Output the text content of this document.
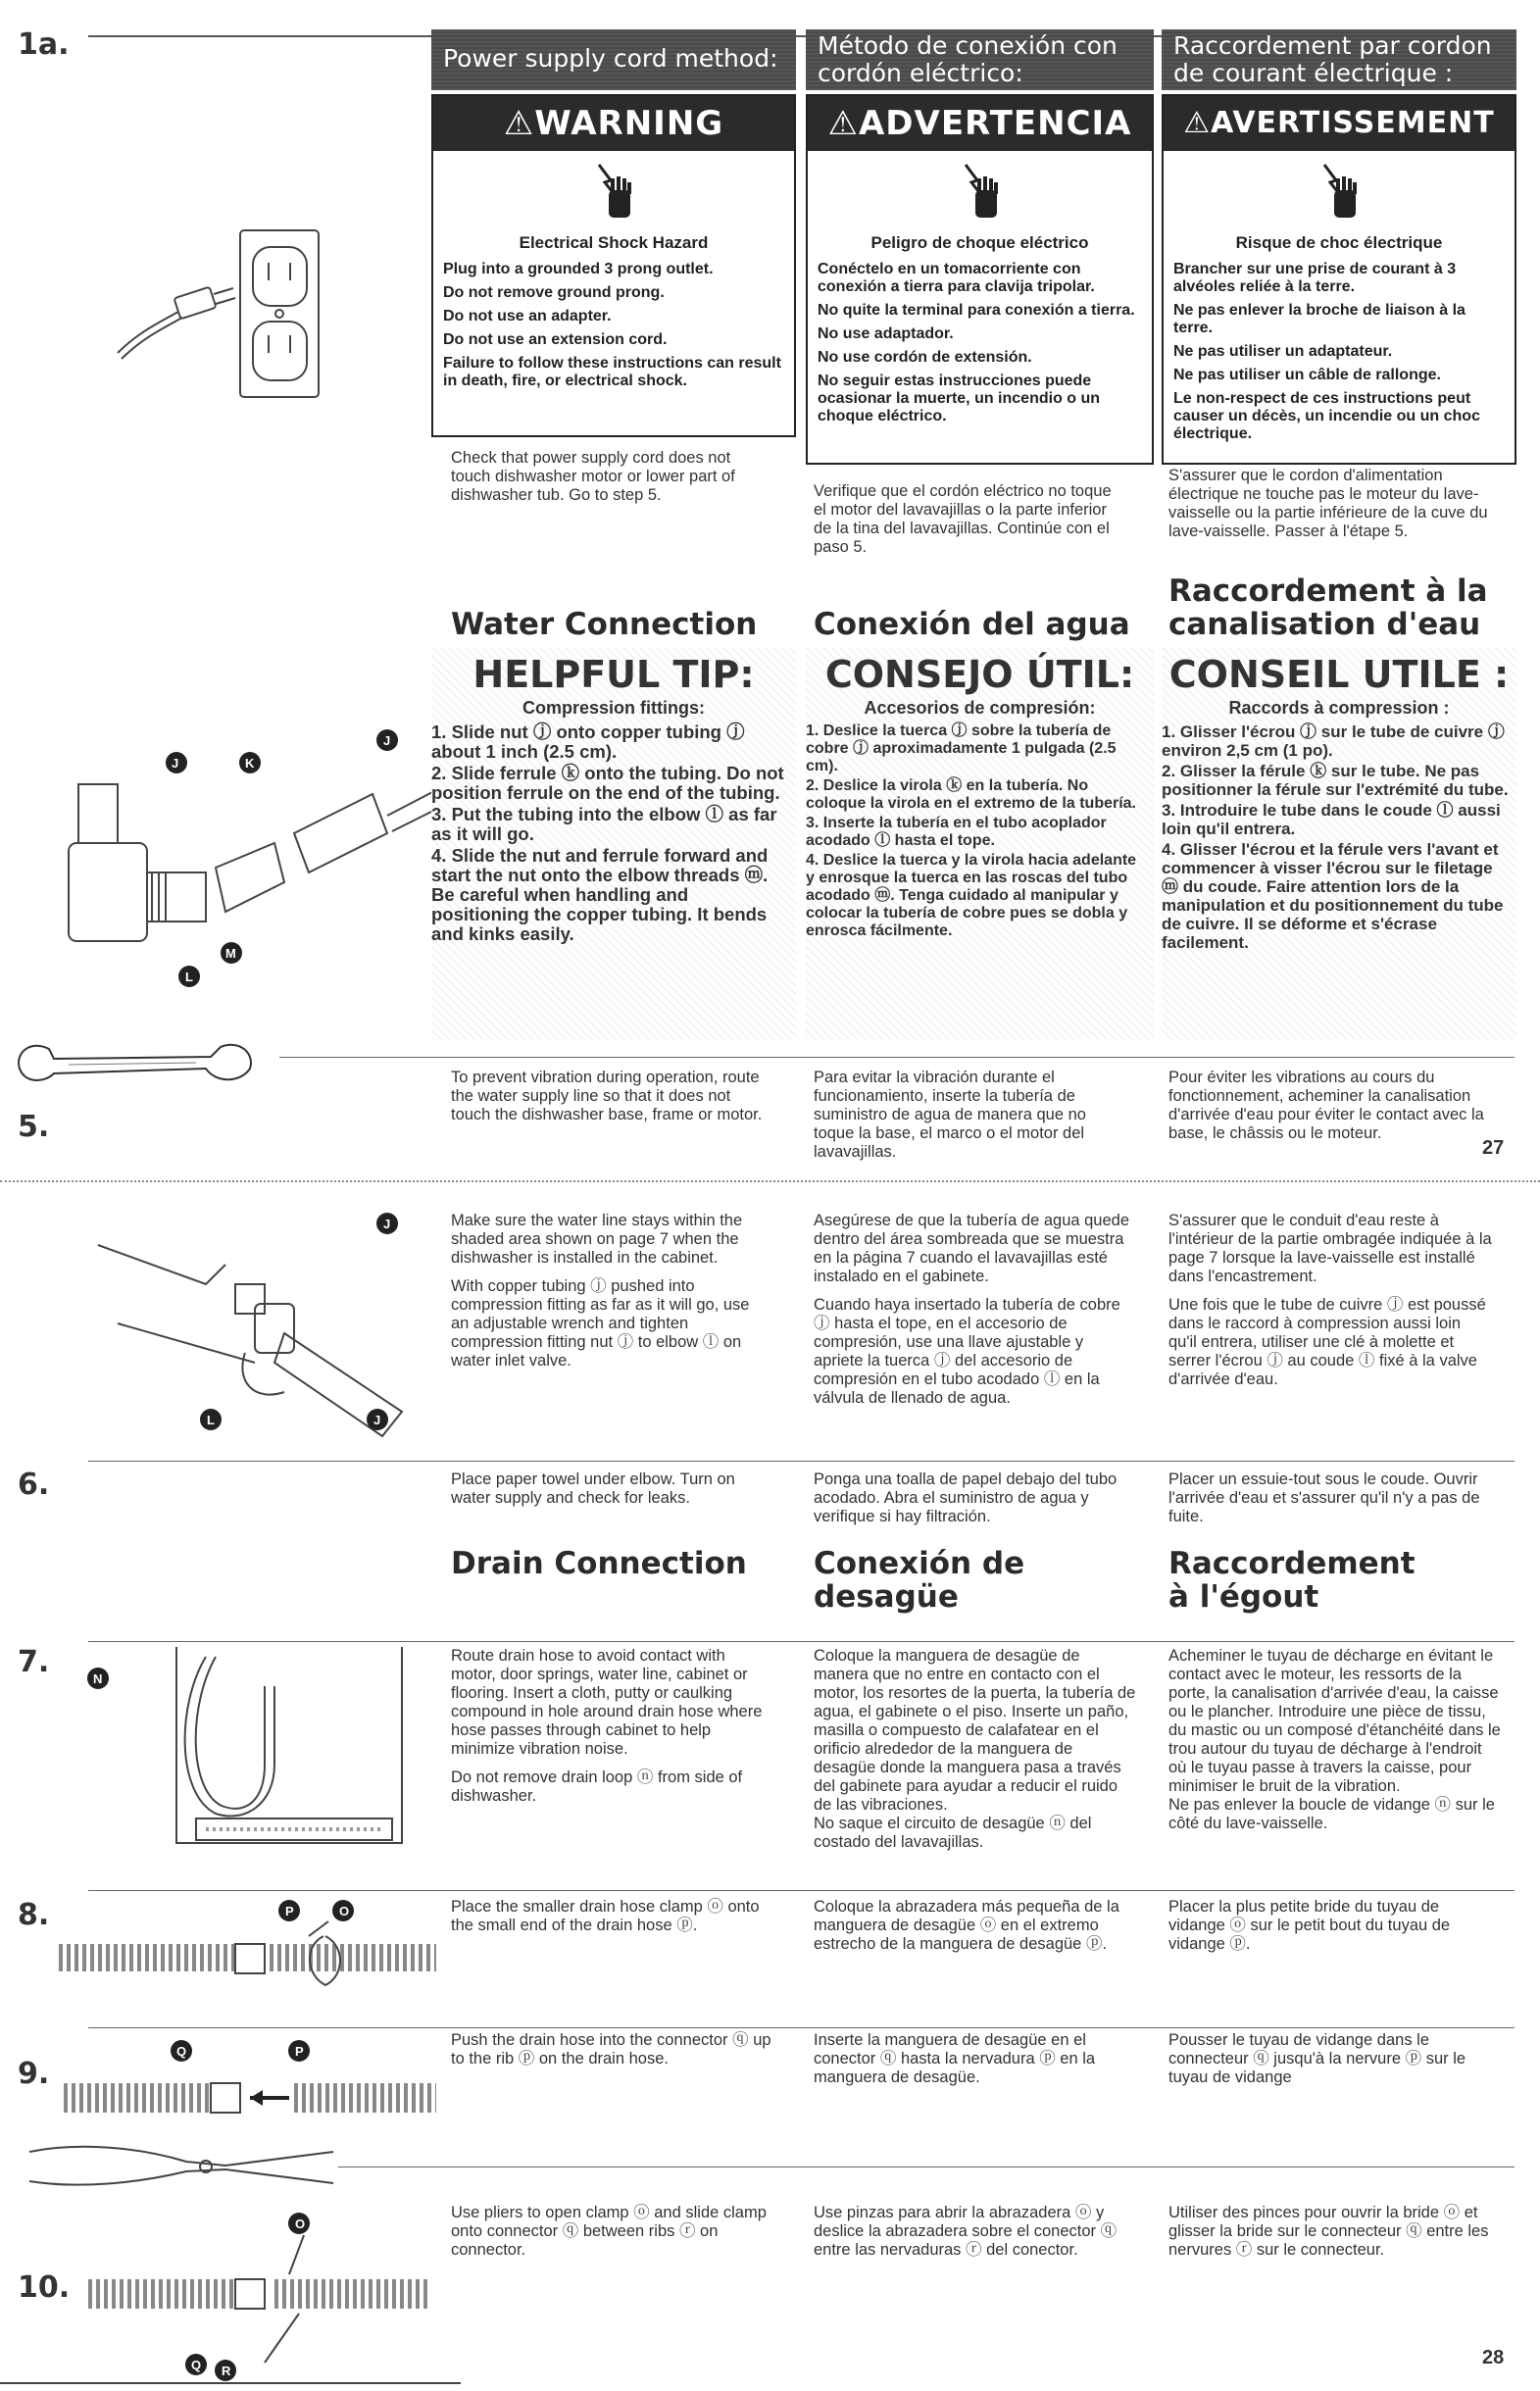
1a.
5.
6.
7.
8.
9.
10.
Power supply cord method:	Método de conexión con cordón eléctrico:
Raccordement par cordon de courant électrique :
⚠WARNING
Electrical Shock Hazard
Plug into a grounded 3 prong outlet.
Do not remove ground prong.
Do not use an adapter.
Do not use an extension cord.
Failure to follow these instructions can result in death, fire, or electrical shock.
⚠ADVERTENCIA
Peligro de choque eléctrico
Conéctelo en un tomacorriente con conexión a tierra para clavija tripolar.
No quite la terminal para conexión a tierra.
No use adaptador.
No use cordón de extensión.
No seguir estas instrucciones puede ocasionar la muerte, un incendio o un choque eléctrico.
⚠AVERTISSEMENT
Risque de choc électrique
Brancher sur une prise de courant à 3 alvéoles reliée à la terre.
Ne pas enlever la broche de liaison à la terre.
Ne pas utiliser un adaptateur.
Ne pas utiliser un câble de rallonge.
Le non-respect de ces instructions peut causer un décès, un incendie ou un choc électrique.
Check that power supply cord does not touch dishwasher motor or lower part of dishwasher tub. Go to step 5.	Verifique que el cordón eléctrico no toque el motor del lavavajillas o la parte inferior de la tina del lavavajillas. Continúe con el paso 5.
S'assurer que le cordon d'alimentation électrique ne touche pas le moteur du lave-vaisselle ou la partie inférieure de la cuve du lave-vaisselle. Passer à l'étape 5.
Water Connection	Conexión del agua
Raccordement à la canalisation d'eau
J	K
J
L
M
HELPFUL TIP:
Compression fittings:
1. Slide nut ⓙ onto copper tubing ⓙ about 1 inch (2.5 cm).
2. Slide ferrule ⓚ onto the tubing. Do not position ferrule on the end of the tubing.
3. Put the tubing into the elbow ⓛ as far as it will go.
4. Slide the nut and ferrule forward and start the nut onto the elbow threads ⓜ. Be careful when handling and positioning the copper tubing. It bends and kinks easily.
CONSEJO ÚTIL:
Accesorios de compresión:
1. Deslice la tuerca ⓙ sobre la tubería de cobre ⓙ aproximadamente 1 pulgada (2.5 cm).
2. Deslice la virola ⓚ en la tubería. No coloque la virola en el extremo de la tubería.
3. Inserte la tubería en el tubo acoplador acodado ⓛ hasta el tope.
4. Deslice la tuerca y la virola hacia adelante y enrosque la tuerca en las roscas del tubo acodado ⓜ. Tenga cuidado al manipular y colocar la tubería de cobre pues se dobla y enrosca fácilmente.
CONSEIL UTILE :
Raccords à compression :
1. Glisser l'écrou ⓙ sur le tube de cuivre ⓙ environ 2,5 cm (1 po).
2. Glisser la férule ⓚ sur le tube. Ne pas positionner la férule sur l'extrémité du tube.
3. Introduire le tube dans le coude ⓛ aussi loin qu'il entrera.
4. Glisser l'écrou et la férule vers l'avant et commencer à visser l'écrou sur le filetage ⓜ du coude. Faire attention lors de la manipulation et du positionnement du tube de cuivre. Il se déforme et s'écrase facilement.
To prevent vibration during operation, route the water supply line so that it does not touch the dishwasher base, frame or motor.
Para evitar la vibración durante el funcionamiento, inserte la tubería de suministro de agua de manera que no toque la base, el marco o el motor del lavavajillas.
Pour éviter les vibrations au cours du fonctionnement, acheminer la canalisation d'arrivée d'eau pour éviter le contact avec la base, le châssis ou le moteur.
27
J
L	J
Make sure the water line stays within the shaded area shown on page 7 when the dishwasher is installed in the cabinet.
With copper tubing ⓙ pushed into compression fitting as far as it will go, use an adjustable wrench and tighten compression fitting nut ⓙ to elbow ⓛ on water inlet valve.
Asegúrese de que la tubería de agua quede dentro del área sombreada que se muestra en la página 7 cuando el lavavajillas esté instalado en el gabinete.
Cuando haya insertado la tubería de cobre ⓙ hasta el tope, en el accesorio de compresión, use una llave ajustable y apriete la tuerca ⓙ del accesorio de compresión en el tubo acodado ⓛ en la válvula de llenado de agua.
S'assurer que le conduit d'eau reste à l'intérieur de la partie ombragée indiquée à la page 7 lorsque la lave-vaisselle est installé dans l'encastrement.
Une fois que le tube de cuivre ⓙ est poussé dans le raccord à compression aussi loin qu'il entrera, utiliser une clé à molette et serrer l'écrou ⓙ au coude ⓛ fixé à la valve d'arrivée d'eau.
Place paper towel under elbow. Turn on water supply and check for leaks.
Ponga una toalla de papel debajo del tubo acodado. Abra el suministro de agua y verifique si hay filtración.
Placer un essuie-tout sous le coude. Ouvrir l'arrivée d'eau et s'assurer qu'il n'y a pas de fuite.
Drain Connection	Conexión de desagüe
Raccordement à l'égout
N
Route drain hose to avoid contact with motor, door springs, water line, cabinet or flooring. Insert a cloth, putty or caulking compound in hole around drain hose where hose passes through cabinet to help minimize vibration noise.
Do not remove drain loop ⓝ from side of dishwasher.
Coloque la manguera de desagüe de manera que no entre en contacto con el motor, los resortes de la puerta, la tubería de agua, el gabinete o el piso. Inserte un paño, masilla o compuesto de calafatear en el orificio alrededor de la manguera de desagüe donde la manguera pasa a través del gabinete para ayudar a reducir el ruido de las vibraciones.
No saque el circuito de desagüe ⓝ del costado del lavavajillas.
Acheminer le tuyau de décharge en évitant le contact avec le moteur, les ressorts de la porte, la canalisation d'arrivée d'eau, la caisse ou le plancher. Introduire une pièce de tissu, du mastic ou un composé d'étanchéité dans le trou autour du tuyau de décharge à l'endroit où le tuyau passe à travers la caisse, pour minimiser le bruit de la vibration.
Ne pas enlever la boucle de vidange ⓝ sur le côté du lave-vaisselle.
P	O	Place the smaller drain hose clamp ⓞ onto the small end of the drain hose ⓟ.
Coloque la abrazadera más pequeña de la manguera de desagüe ⓞ en el extremo estrecho de la manguera de desagüe ⓟ.
Placer la plus petite bride du tuyau de vidange ⓞ sur le petit bout du tuyau de vidange ⓟ.
Q	P
Push the drain hose into the connector ⓠ up to the rib ⓟ on the drain hose.
Inserte la manguera de desagüe en el conector ⓠ hasta la nervadura ⓟ en la manguera de desagüe.
Pousser le tuyau de vidange dans le connecteur ⓠ jusqu'à la nervure ⓟ sur le tuyau de vidange
O
Q R
Use pliers to open clamp ⓞ and slide clamp onto connector ⓠ between ribs ⓡ on connector.
Use pinzas para abrir la abrazadera ⓞ y deslice la abrazadera sobre el conector ⓠ entre las nervaduras ⓡ del conector.
Utiliser des pinces pour ouvrir la bride ⓞ et glisser la bride sur le connecteur ⓠ entre les nervures ⓡ sur le connecteur.
28
